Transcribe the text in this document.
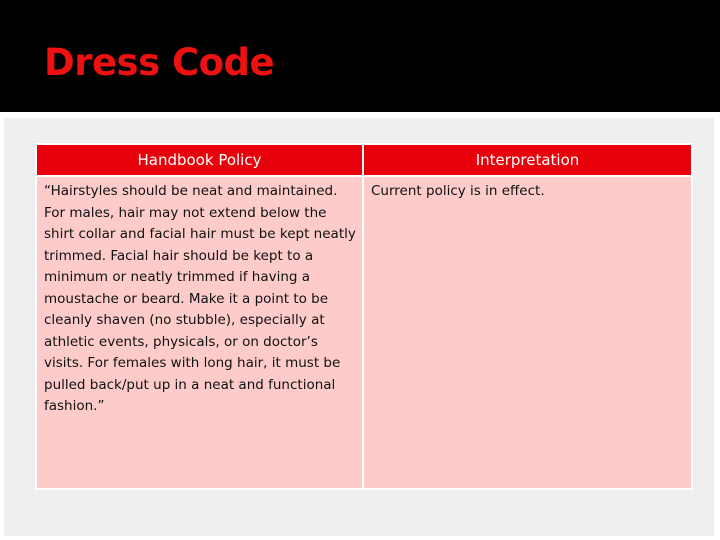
Dress Code
Handbook Policy	Interpretation
“Hairstyles should be neat and maintained. For males, hair may not extend below the shirt collar and facial hair must be kept neatly trimmed. Facial hair should be kept to a minimum or neatly trimmed if having a moustache or beard. Make it a point to be cleanly shaven (no stubble), especially at athletic events, physicals, or on doctor’s visits. For females with long hair, it must be pulled back/put up in a neat and functional fashion.”	Current policy is in effect.
